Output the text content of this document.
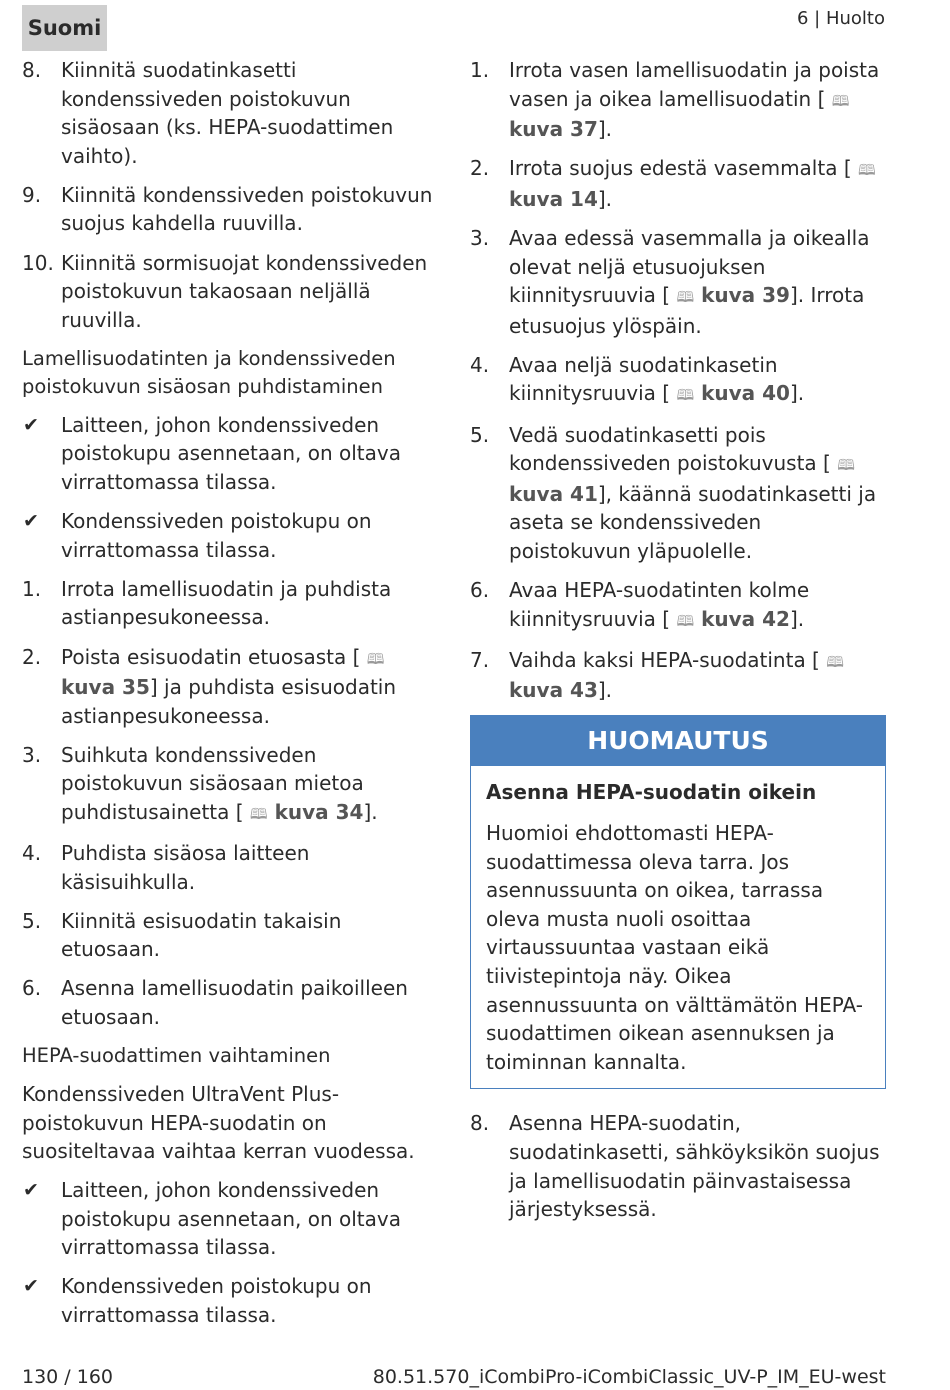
Suomi	6 | Huolto
8. Kiinnitä suodatinkasetti kondenssiveden poistokuvun sisäosaan (ks. HEPA-suodattimen vaihto).
9. Kiinnitä kondenssiveden poistokuvun suojus kahdella ruuvilla.
10. Kiinnitä sormisuojat kondenssiveden poistokuvun takaosaan neljällä ruuvilla.
Lamellisuodatinten ja kondenssiveden poistokuvun sisäosan puhdistaminen
✔ Laitteen, johon kondenssiveden poistokupu asennetaan, on oltava virrattomassa tilassa.
✔ Kondenssiveden poistokupu on virrattomassa tilassa.
1. Irrota lamellisuodatin ja puhdista astianpesukoneessa.
2. Poista esisuodatin etuosasta [ 🕮 kuva 35] ja puhdista esisuodatin astianpesukoneessa.
3. Suihkuta kondenssiveden poistokuvun sisäosaan mietoa puhdistusainetta [ 🕮 kuva 34].
4. Puhdista sisäosa laitteen käsisuihkulla.
5. Kiinnitä esisuodatin takaisin etuosaan.
6. Asenna lamellisuodatin paikoilleen etuosaan.
HEPA-suodattimen vaihtaminen
Kondenssiveden UltraVent Plus-poistokuvun HEPA-suodatin on suositeltavaa vaihtaa kerran vuodessa.
✔ Laitteen, johon kondenssiveden poistokupu asennetaan, on oltava virrattomassa tilassa.
✔ Kondenssiveden poistokupu on virrattomassa tilassa.
1. Irrota vasen lamellisuodatin ja poista vasen ja oikea lamellisuodatin [ 🕮 kuva 37].
2. Irrota suojus edestä vasemmalta [ 🕮 kuva 14].
3. Avaa edessä vasemmalla ja oikealla olevat neljä etusuojuksen kiinnitysruuvia [ 🕮 kuva 39]. Irrota etusuojus ylöspäin.
4. Avaa neljä suodatinkasetin kiinnitysruuvia [ 🕮 kuva 40].
5. Vedä suodatinkasetti pois kondenssiveden poistokuvusta [ 🕮 kuva 41], käännä suodatinkasetti ja aseta se kondenssiveden poistokuvun yläpuolelle.
6. Avaa HEPA-suodatinten kolme kiinnitysruuvia [ 🕮 kuva 42].
7. Vaihda kaksi HEPA-suodatinta [ 🕮 kuva 43].
HUOMAUTUS
Asenna HEPA-suodatin oikein
Huomioi ehdottomasti HEPA-suodattimessa oleva tarra. Jos asennussuunta on oikea, tarrassa oleva musta nuoli osoittaa virtaussuuntaa vastaan eikä tiivistepintoja näy. Oikea asennussuunta on välttämätön HEPA-suodattimen oikean asennuksen ja toiminnan kannalta.
8. Asenna HEPA-suodatin, suodatinkasetti, sähköyksikön suojus ja lamellisuodatin päinvastaisessa järjestyksessä.
130 / 160	80.51.570_iCombiPro-iCombiClassic_UV-P_IM_EU-west
